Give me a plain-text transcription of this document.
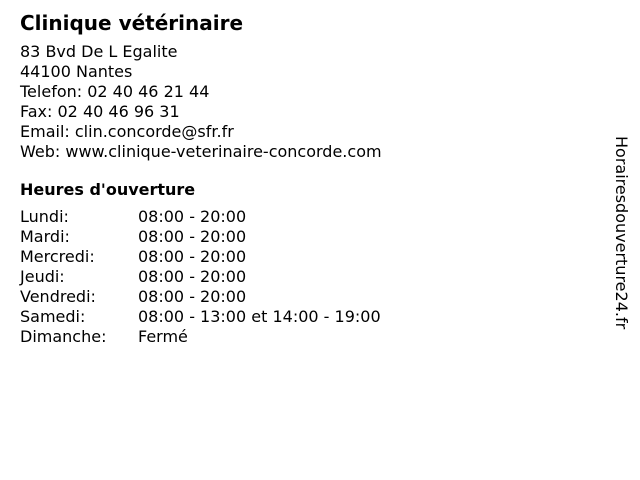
Clinique vétérinaire
83 Bvd De L Egalite
44100 Nantes
Telefon: 02 40 46 21 44
Fax: 02 40 46 96 31
Email: clin.concorde@sfr.fr
Web: www.clinique-veterinaire-concorde.com
Heures d'ouverture
Lundi:	08:00 - 20:00
Mardi:	08:00 - 20:00
Mercredi:	08:00 - 20:00
Jeudi:	08:00 - 20:00
Vendredi:	08:00 - 20:00
Samedi:	08:00 - 13:00 et 14:00 - 19:00
Dimanche:	Fermé
Horairesdouverture24.fr
